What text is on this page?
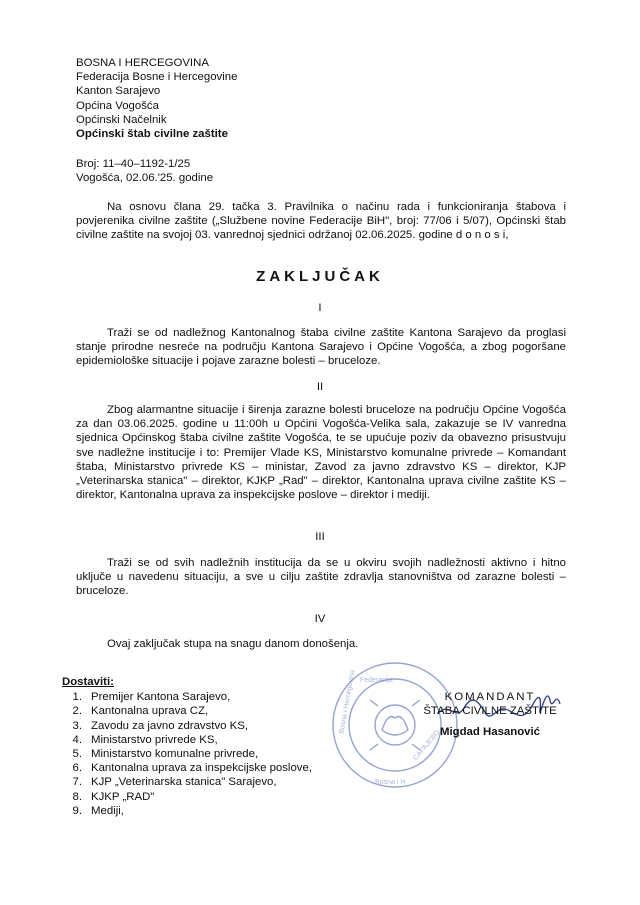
BOSNA I HERCEGOVINA
Federacija Bosne i Hercegovine
Kanton Sarajevo
Općina Vogošća
Općinski Načelnik
Općinski štab civilne zaštite
Broj: 11–40–1192-1/25
Vogošća, 02.06.'25. godine
Na osnovu člana 29. tačka 3. Pravilnika o načinu rada i funkcioniranja štabova i povjerenika civilne zaštite („Službene novine Federacije BiH", broj: 77/06 i 5/07), Općinski štab civilne zaštite na svojoj 03. vanrednoj sjednici održanoj 02.06.2025. godine d o n o s i,
ZAKLJUČAK
I
Traži se od nadležnog Kantonalnog štaba civilne zaštite Kantona Sarajevo da proglasi stanje prirodne nesreće na području Kantona Sarajevo i Općine Vogošća, a zbog pogoršane epidemiološke situacije i pojave zarazne bolesti – bruceloze.
II
Zbog alarmantne situacije i širenja zarazne bolesti bruceloze na području Općine Vogošća za dan 03.06.2025. godine u 11:00h u Općini Vogošća-Velika sala, zakazuje se IV vanredna sjednica Općinskog štaba civilne zaštite Vogošća, te se upućuje poziv da obavezno prisustvuju sve nadležne institucije i to: Premijer Vlade KS, Ministarstvo komunalne privrede – Komandant štaba, Ministarstvo privrede KS – ministar, Zavod za javno zdravstvo KS – direktor, KJP „Veterinarska stanica" – direktor, KJKP „Rad" – direktor, Kantonalna uprava civilne zaštite KS – direktor, Kantonalna uprava za inspekcijske poslove – direktor i mediji.
III
Traži se od svih nadležnih institucija da se u okviru svojih nadležnosti aktivno i hitno uključe u navedenu situaciju, a sve u cilju zaštite zdravlja stanovništva od zarazne bolesti – bruceloze.
IV
Ovaj zaključak stupa na snagu danom donošenja.
Dostaviti:
1. Premijer Kantona Sarajevo,
2. Kantonalna uprava CZ,
3. Zavodu za javno zdravstvo KS,
4. Ministarstvo privrede KS,
5. Ministarstvo komunalne privrede,
6. Kantonalna uprava za inspekcijske poslove,
7. KJP „Veterinarska stanica" Sarajevo,
8. KJKP „RAD"
9. Mediji,
Federacija
Bosna i Hercegovina
Bosna i H
CAPAJEBO
KOMANDANT
ŠTABA CIVILNE ZAŠTITE
Migdad Hasanović
